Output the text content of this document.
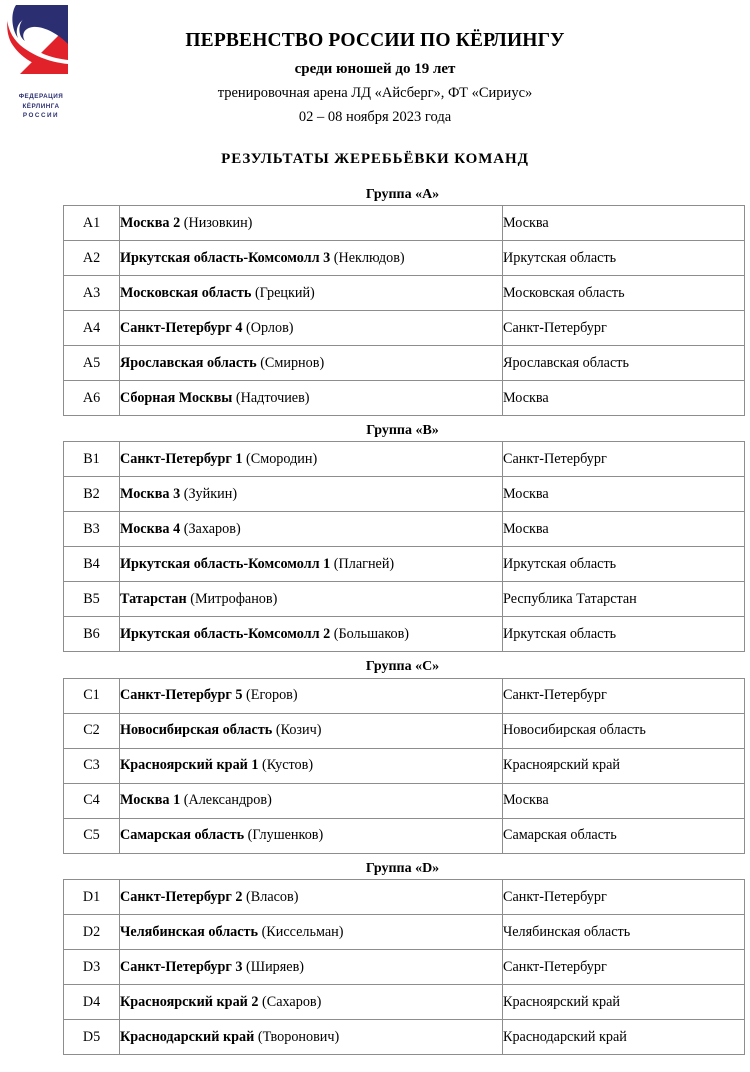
ФЕДЕРАЦИЯ
КЁРЛИНГА
РОССИИ
ПЕРВЕНСТВО РОССИИ ПО КЁРЛИНГУ

среди юношей до 19 лет

тренировочная арена ЛД «Айсберг», ФТ «Сириус»

02 – 08 ноября 2023 года

РЕЗУЛЬТАТЫ ЖЕРЕБЬЁВКИ КОМАНД
Группа «А»
A1	Москва 2 (Низовкин)	Москва
A2	Иркутская область-Комсомолл 3 (Неклюдов)	Иркутская область
A3	Московская область (Грецкий)	Московская область
A4	Санкт-Петербург 4 (Орлов)	Санкт-Петербург
A5	Ярославская область (Смирнов)	Ярославская область
A6	Сборная Москвы (Надточиев)	Москва
Группа «B»
B1	Санкт-Петербург 1 (Смородин)	Санкт-Петербург
B2	Москва 3 (Зуйкин)	Москва
B3	Москва 4 (Захаров)	Москва
B4	Иркутская область-Комсомолл 1 (Плагней)	Иркутская область
B5	Татарстан (Митрофанов)	Республика Татарстан
B6	Иркутская область-Комсомолл 2 (Большаков)	Иркутская область
Группа «C»
C1	Санкт-Петербург 5 (Егоров)	Санкт-Петербург
C2	Новосибирская область (Козич)	Новосибирская область
C3	Красноярский край 1 (Кустов)	Красноярский край
C4	Москва 1 (Александров)	Москва
C5	Самарская область (Глушенков)	Самарская область
Группа «D»
D1	Санкт-Петербург 2 (Власов)	Санкт-Петербург
D2	Челябинская область (Киссельман)	Челябинская область
D3	Санкт-Петербург 3 (Ширяев)	Санкт-Петербург
D4	Красноярский край 2 (Сахаров)	Красноярский край
D5	Краснодарский край (Творонович)	Краснодарский край
